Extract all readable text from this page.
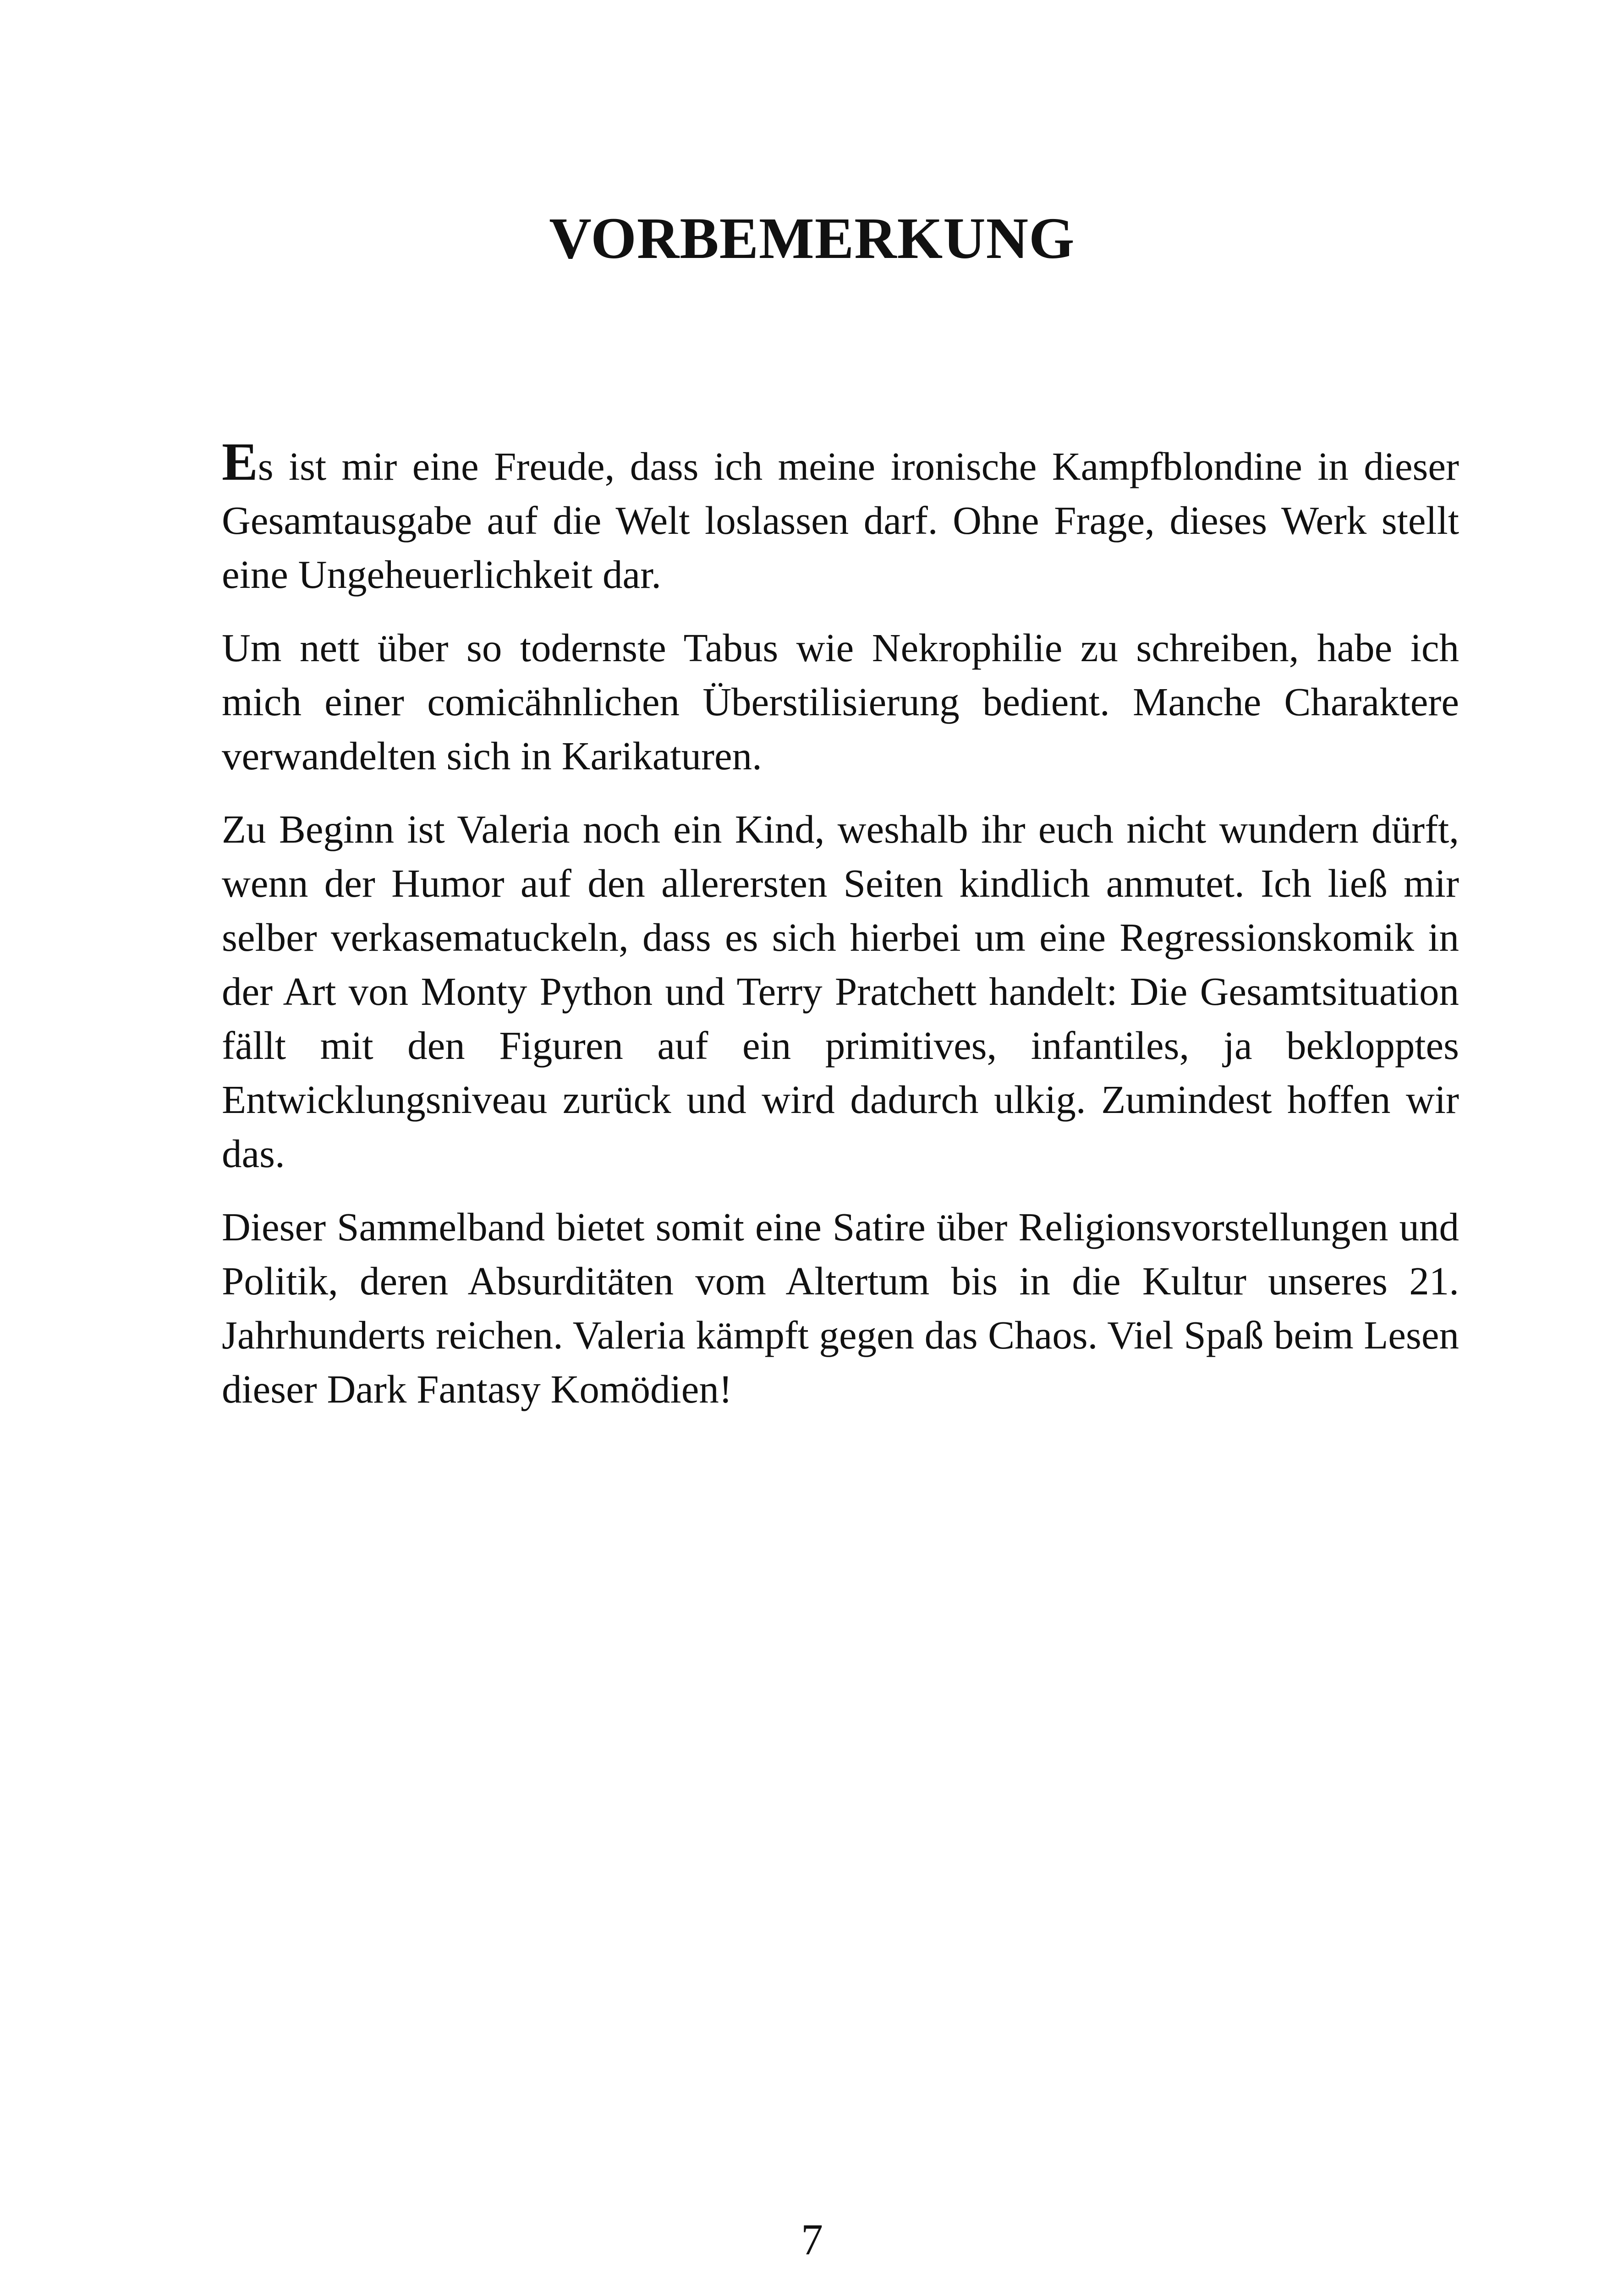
VORBEMERKUNG

Es ist mir eine Freude, dass ich meine ironische Kampfblondine in dieser Gesamtausgabe auf die Welt loslassen darf. Ohne Frage, dieses Werk stellt eine Ungeheuerlichkeit dar.

Um nett über so todernste Tabus wie Nekrophilie zu schreiben, habe ich mich einer comicähnlichen Überstilisierung bedient. Manche Charaktere verwandelten sich in Karikaturen.

Zu Beginn ist Valeria noch ein Kind, weshalb ihr euch nicht wundern dürft, wenn der Humor auf den allerersten Seiten kindlich anmutet. Ich ließ mir selber verkasematuckeln, dass es sich hierbei um eine Regressionskomik in der Art von Monty Python und Terry Pratchett handelt: Die Gesamtsituation fällt mit den Figuren auf ein primitives, infantiles, ja beklopptes Entwicklungsniveau zurück und wird dadurch ulkig. Zumindest hoffen wir das.

Dieser Sammelband bietet somit eine Satire über Religionsvorstellungen und Politik, deren Absurditäten vom Altertum bis in die Kultur unseres 21. Jahrhunderts reichen. Valeria kämpft gegen das Chaos. Viel Spaß beim Lesen dieser Dark Fantasy Komödien!

7
